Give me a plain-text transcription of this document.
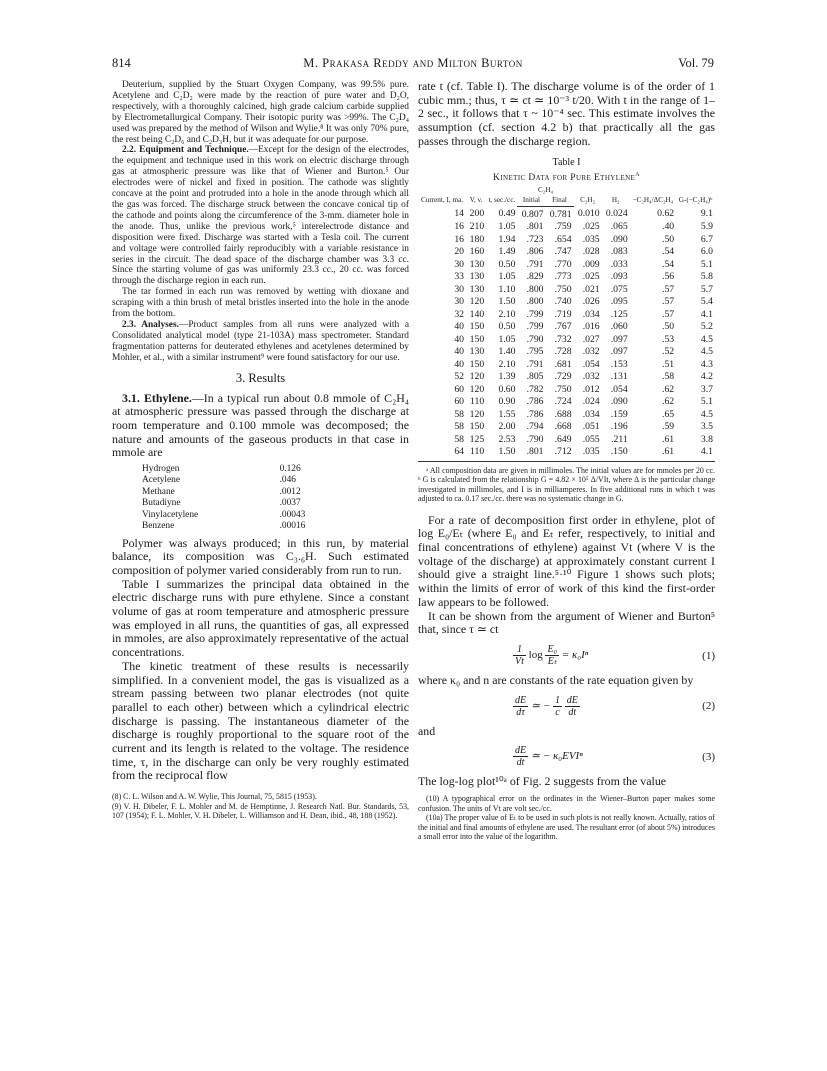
814	M. Prakasa Reddy and Milton Burton	Vol. 79

Deuterium, supplied by the Stuart Oxygen Company, was 99.5% pure. Acetylene and C₂D₂ were made by the reaction of pure water and D₂O, respectively, with a thoroughly calcined, high grade calcium carbide supplied by Electrometallurgical Company. Their isotopic purity was >99%. The C₂D₄ used was prepared by the method of Wilson and Wylie.⁸ It was only 70% pure, the rest being C₂D₆ and C₂D₃H, but it was adequate for our purpose.

2.2. Equipment and Technique.—Except for the design of the electrodes, the equipment and technique used in this work on electric discharge through gas at atmospheric pressure was like that of Wiener and Burton.⁵ Our electrodes were of nickel and fixed in position. The cathode was slightly concave at the point and protruded into a hole in the anode through which all the gas was forced. The discharge struck between the concave conical tip of the cathode and points along the circumference of the 3-mm. diameter hole in the anode. Thus, unlike the previous work,⁵ interelectrode distance and disposition were fixed. Discharge was started with a Tesla coil. The current and voltage were controlled fairly reproducibly with a variable resistance in series in the circuit. The dead space of the discharge chamber was 3.3 cc. Since the starting volume of gas was uniformly 23.3 cc., 20 cc. was forced through the discharge region in each run.

The tar formed in each run was removed by wetting with dioxane and scraping with a thin brush of metal bristles inserted into the hole in the anode from the bottom.

2.3. Analyses.—Product samples from all runs were analyzed with a Consolidated analytical model (type 21-103A) mass spectrometer. Standard fragmentation patterns for deuterated ethylenes and acetylenes determined by Mohler, et al., with a similar instrument⁹ were found satisfactory for our use.

3. Results

3.1. Ethylene.—In a typical run about 0.8 mmole of C₂H₄ at atmospheric pressure was passed through the discharge at room temperature and 0.100 mmole was decomposed; the nature and amounts of the gaseous products in that case in mmole are

Hydrogen	0.126
Acetylene	.046
Methane	.0012
Butadiyne	.0037
Vinylacetylene	.00043
Benzene	.00016

Polymer was always produced; in this run, by material balance, its composition was C₃.₆H. Such estimated composition of polymer varied considerably from run to run.

Table I summarizes the principal data obtained in the electric discharge runs with pure ethylene. Since a constant volume of gas at room temperature and atmospheric pressure was employed in all runs, the quantities of gas, all expressed in mmoles, are also approximately representative of the actual concentrations.

The kinetic treatment of these results is necessarily simplified. In a convenient model, the gas is visualized as a stream passing between two planar electrodes (not quite parallel to each other) between which a cylindrical electric discharge is passing. The instantaneous diameter of the discharge is roughly proportional to the square root of the current and its length is related to the voltage. The residence time, τ, in the discharge can only be very roughly estimated from the reciprocal flow

(8) C. L. Wilson and A. W. Wylie, This Journal, 75, 5815 (1953).

(9) V. H. Dibeler, F. L. Mohler and M. de Hemptinne, J. Research Natl. Bur. Standards, 53, 107 (1954); F. L. Mohler, V. H. Dibeler, L. Williamson and H. Dean, ibid., 48, 188 (1952).

rate t (cf. Table I). The discharge volume is of the order of 1 cubic mm.; thus, τ ≃ ct ≃ 10⁻³ t/20. With t in the range of 1–2 sec., it follows that τ ~ 10⁻⁴ sec. This estimate involves the assumption (cf. section 4.2 b) that practically all the gas passes through the discharge region.

Table I
Kinetic Data for Pure Ethylene$^a$
Current, I, ma.	V, v.	t, sec./cc.	C₂H₄		C₂H₂	H₂	−C₂H₄/ΔC₂H₄	G-(−C₂H₄)ᵇ
			Initial	Final				
14	200	0.49	0.807	0.781	0.010	0.024	0.62	9.1
16	210	1.05	.801	.759	.025	.065	.40	5.9
16	180	1.94	.723	.654	.035	.090	.50	6.7
20	160	1.49	.806	.747	.028	.083	.54	6.0
30	130	0.50	.791	.770	.009	.033	.54	5.1
33	130	1.05	.829	.773	.025	.093	.56	5.8
30	130	1.10	.800	.750	.021	.075	.57	5.7
30	120	1.50	.800	.740	.026	.095	.57	5.4
32	140	2.10	.799	.719	.034	.125	.57	4.1
40	150	0.50	.799	.767	.016	.060	.50	5.2
40	150	1.05	.790	.732	.027	.097	.53	4.5
40	130	1.40	.795	.728	.032	.097	.52	4.5
40	150	2.10	.791	.681	.054	.153	.51	4.3
52	120	1.39	.805	.729	.032	.131	.58	4.2
60	120	0.60	.782	.750	.012	.054	.62	3.7
60	110	0.90	.786	.724	.024	.090	.62	5.1
58	120	1.55	.786	.688	.034	.159	.65	4.5
58	150	2.00	.794	.668	.051	.196	.59	3.5
58	125	2.53	.790	.649	.055	.211	.61	3.8
64	110	1.50	.801	.712	.035	.150	.61	4.1

ᵃ All composition data are given in millimoles. The initial values are for mmoles per 20 cc. ᵇ G is calculated from the relationship G = 4.82 × 10⁵ Δ/VIt, where Δ is the particular change investigated in millimoles, and I is in milliamperes. In five additional runs in which t was adjusted to ca. 0.17 sec./cc. there was no systematic change in G.

For a rate of decomposition first order in ethylene, plot of log E₀/Eₜ (where E₀ and Eₜ refer, respectively, to initial and final concentrations of ethylene) against Vt (where V is the voltage of the discharge) at approximately constant current I should give a straight line.⁵·¹⁰ Figure 1 shows such plots; within the limits of error of work of this kind the first-order law appears to be followed.

It can be shown from the argument of Wiener and Burton⁵ that, since τ ≃ ct

$\frac{1}{Vt}$ $\log \frac{\text{E₀}}{\text{Eₜ}} = \kappa_0I^n$	(1)

where κ₀ and n are constants of the rate equation given by

$\frac{dE}{d\tau}$ ≃ − $\frac{1}{c}$
$\frac{dE}{dt}$	(2)

and

$\frac{dE}{dt}$ ≃ − κ₀EVIⁿ	(3)

The log-log plot¹⁰ᵃ of Fig. 2 suggests from the value

(10) A typographical error on the ordinates in the Wiener–Burton paper makes some confusion. The units of Vt are volt sec./cc.

(10a) The proper value of Eₜ to be used in such plots is not really known. Actually, ratios of the initial and final amounts of ethylene are used. The resultant error (of about 5%) introduces a small error into the value of the logarithm.
